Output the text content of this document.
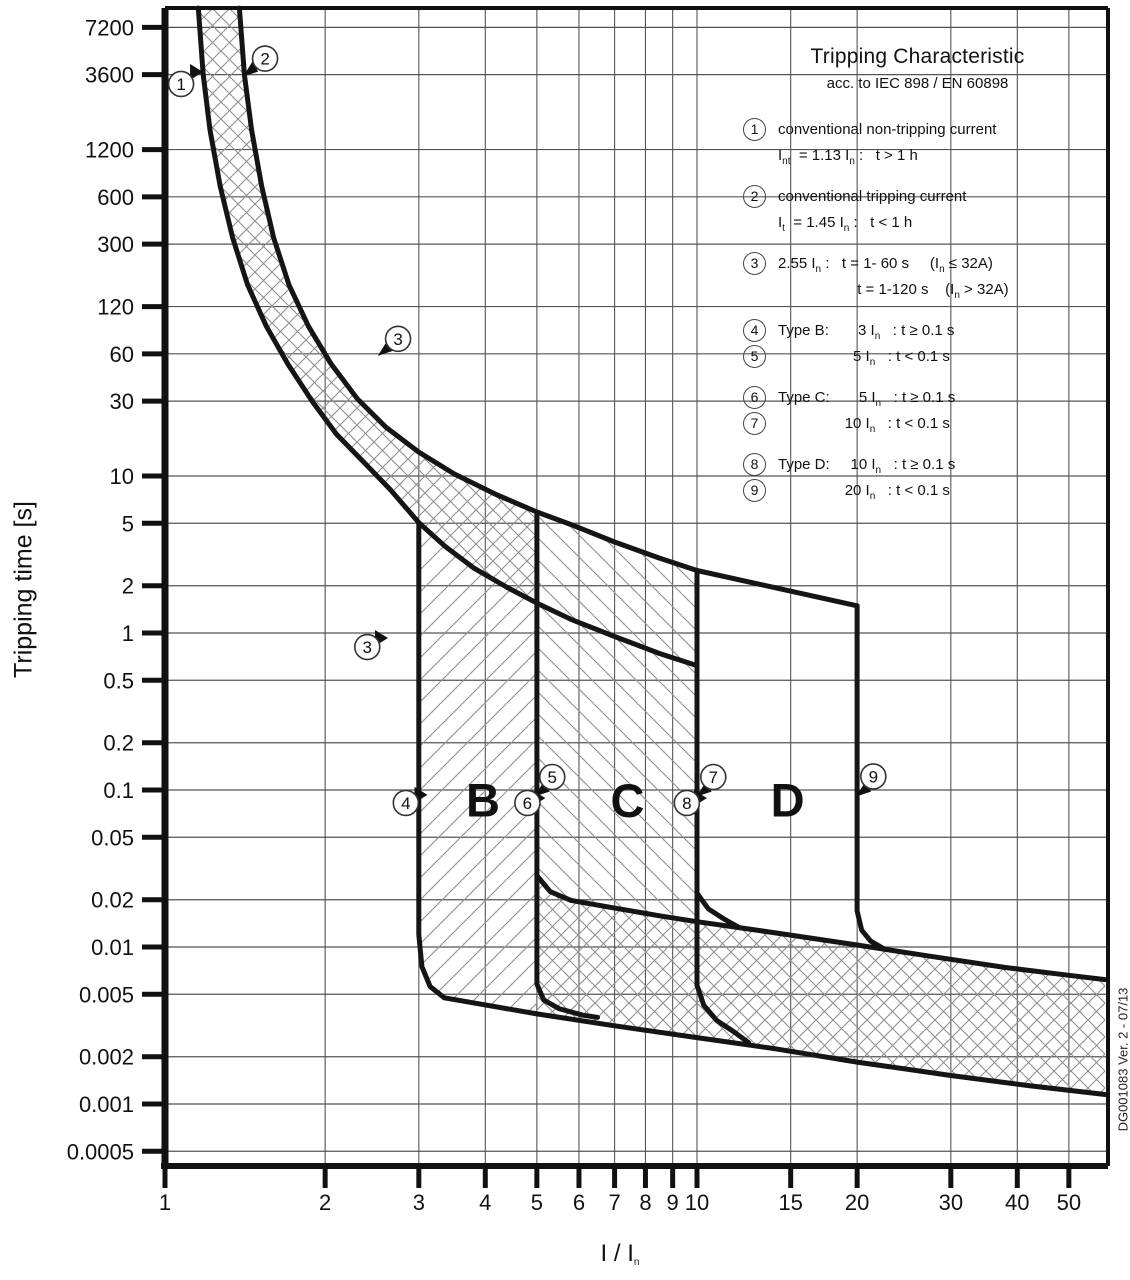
7200
3600
1200
600
300
120
60
30
10
5
2
1
0.5
0.2
0.1
0.05
0.02
0.01
0.005
0.002
0.001
0.0005
1	2	3 4 5 6 7 8 9 10	15 20	30 40 50
B C	D
1
2
3
3
4
5
6
7
8
9
Tripping time [s]
I / $I_n$
DG001083 Ver. 2 - 07/13
Tripping Characteristic
acc. to IEC 898 / EN 60898
1	conventional non-tripping current
$I_{nt} = 1.13$ $I_n$ :   t > 1 h
2	conventional tripping current
$I_t = 1.45$ $I_n$ :   t < 1 h
3	2.55 $I_n$ :   t = 1- 60 s     $(I_n \le 32A)$
t = 1-120 s    $(I_n > 32A)$
4	Type B:       3 $I_n$   : t ≥ 0.1 s
5	5 $I_n$   : t < 0.1 s
6	Type C:       5 $I_n$   : t ≥ 0.1 s
7	10 $I_n$   : t < 0.1 s
8	Type D:     10 $I_n$   : t ≥ 0.1 s
9	20 $I_n$   : t < 0.1 s
